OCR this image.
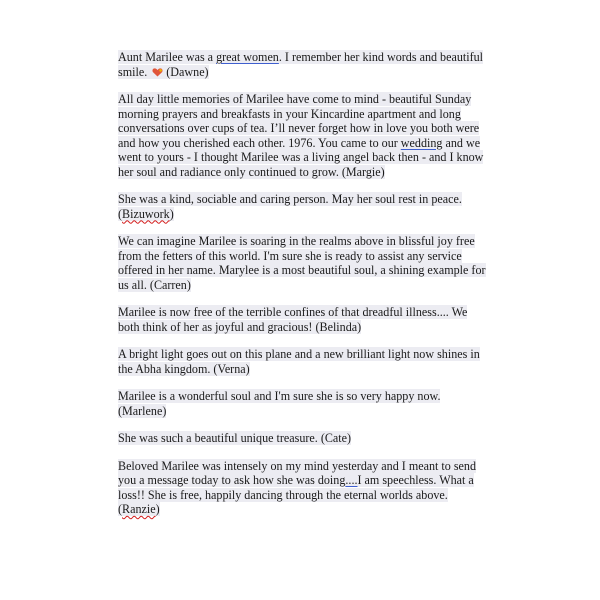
Aunt Marilee was a great women. I remember her kind words and beautiful smile.  (Dawne)

All day little memories of Marilee have come to mind - beautiful Sunday morning prayers and breakfasts in your Kincardine apartment and long conversations over cups of tea. I’ll never forget how in love you both were and how you cherished each other. 1976. You came to our wedding and we went to yours - I thought Marilee was a living angel back then - and I know her soul and radiance only continued to grow. (Margie)

She was a kind, sociable and caring person. May her soul rest in peace. (Bizuwork)

We can imagine Marilee is soaring in the realms above in blissful joy free from the fetters of this world. I'm sure she is ready to assist any service offered in her name. Marylee is a most beautiful soul, a shining example for us all. (Carren)

Marilee is now free of the terrible confines of that dreadful illness.... We both think of her as joyful and gracious! (Belinda)

A bright light goes out on this plane and a new brilliant light now shines in the Abha kingdom. (Verna)

Marilee is a wonderful soul and I'm sure she is so very happy now. (Marlene)

She was such a beautiful unique treasure. (Cate)

Beloved Marilee was intensely on my mind yesterday and I meant to send you a message today to ask how she was doing....I am speechless. What a loss!! She is free, happily dancing through the eternal worlds above. (Ranzie)
